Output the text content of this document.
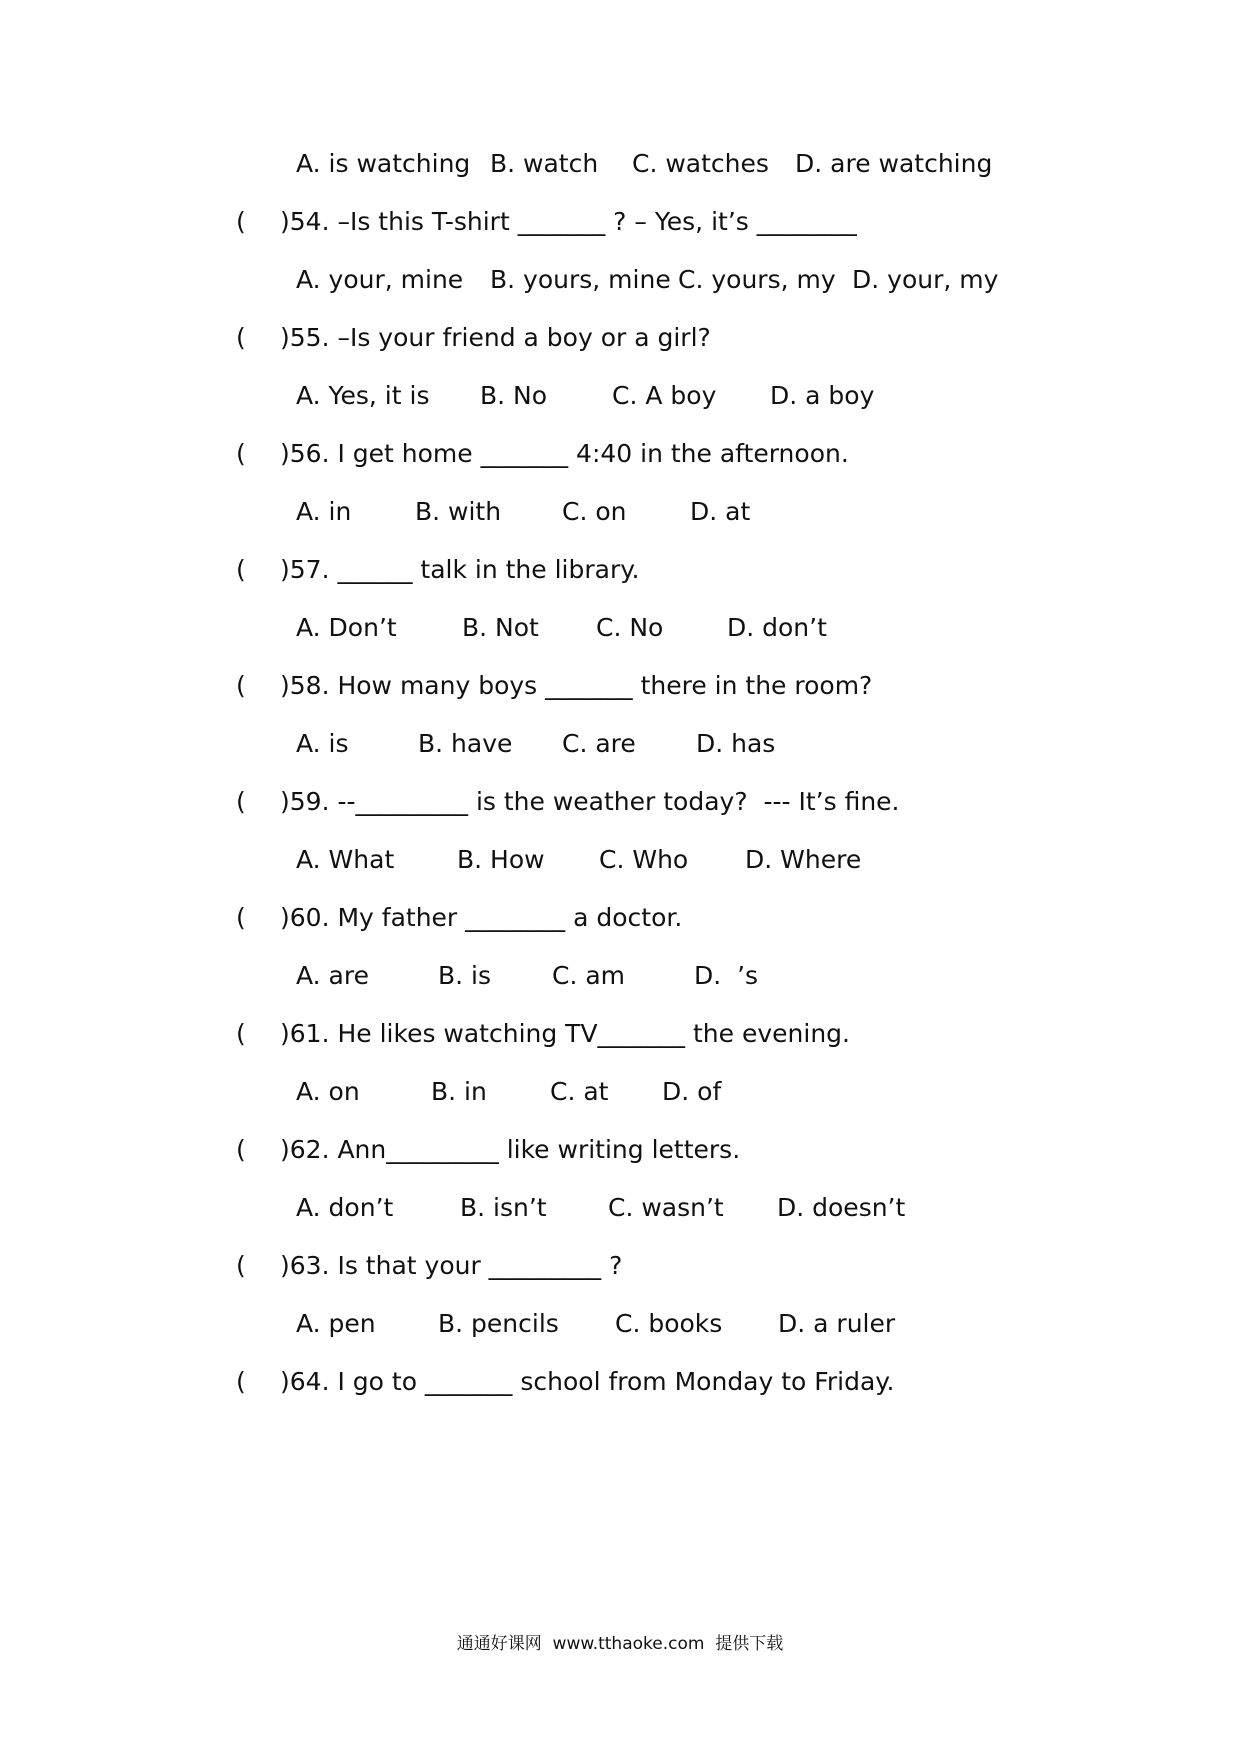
A. is watching B. watch C. watches D. are watching
( )54. –Is this T-shirt _______ ? – Yes, it’s ________
A. your, mine B. yours, mine C. yours, my D. your, my
( )55. –Is your friend a boy or a girl?
A. Yes, it is B. No	C. A boy D. a boy
( )56. I get home _______ 4:40 in the afternoon.
A. in	B. with C. on	D. at
( )57. ______ talk in the library.
A. Don’t	B. Not C. No	D. don’t
( )58. How many boys _______ there in the room?
A. is	B. have C. are D. has
( )59. --_________ is the weather today?  --- It’s fine.
A. What	B. How C. Who D. Where
( )60. My father ________ a doctor.
A. are	B. is C. am	D.  ’s
( )61. He likes watching TV_______ the evening.
A. on	B. in	C. at D. of
( )62. Ann_________ like writing letters.
A. don’t	B. isn’t C. wasn’t D. doesn’t
( )63. Is that your _________ ?
A. pen B. pencils C. books D. a ruler
( )64. I go to _______ school from Monday to Friday.
通通好课网  www.tthaoke.com  提供下载
